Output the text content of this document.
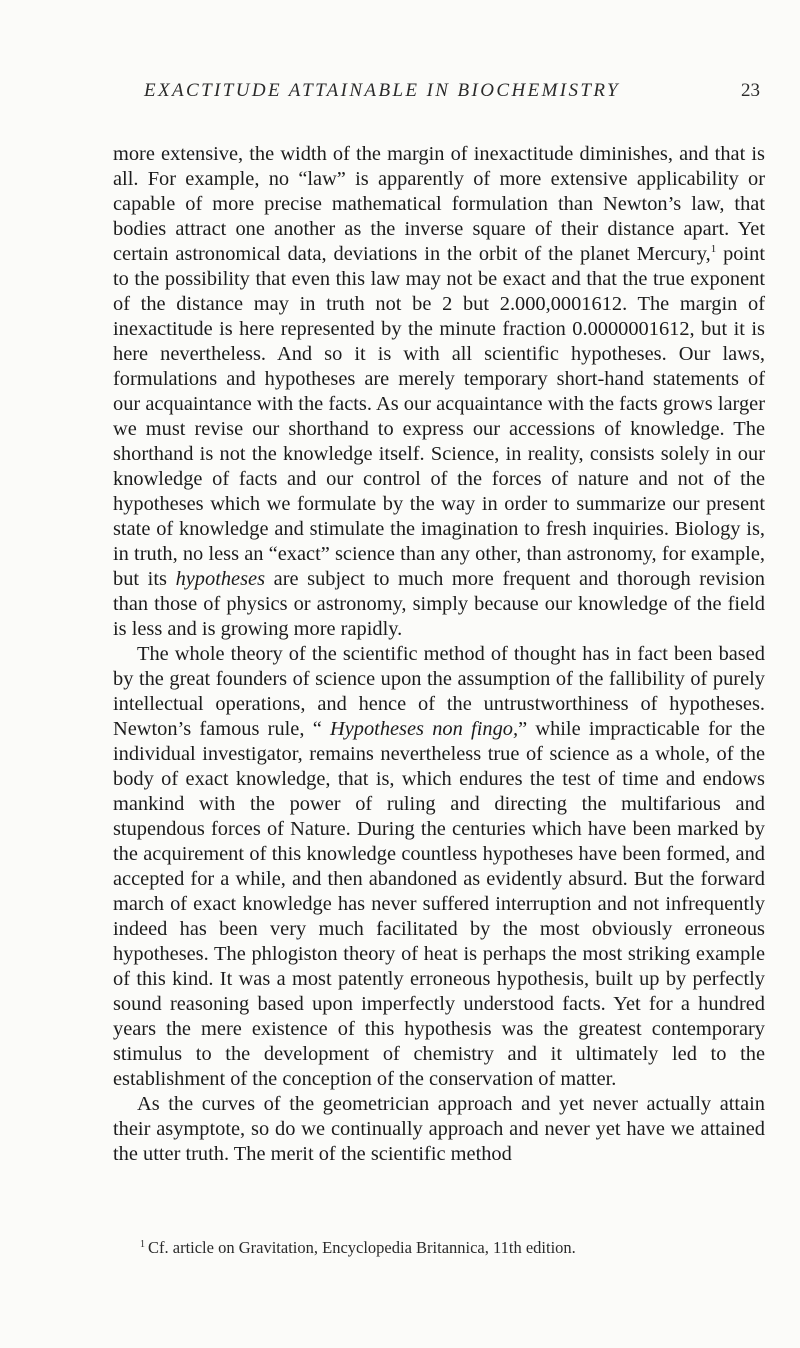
EXACTITUDE ATTAINABLE IN BIOCHEMISTRY	23

more extensive, the width of the margin of inexactitude diminishes, and that is all. For example, no “law” is apparently of more extensive applicability or capable of more precise mathematical formulation than Newton’s law, that bodies attract one another as the inverse square of their distance apart. Yet certain astronomical data, deviations in the orbit of the planet Mercury,$^1$ point to the possibility that even this law may not be exact and that the true exponent of the distance may in truth not be 2 but 2.000,0001612. The margin of inexactitude is here represented by the minute fraction 0.0000001612, but it is here nevertheless. And so it is with all scientific hypotheses. Our laws, formulations and hypotheses are merely temporary short-hand statements of our acquaintance with the facts. As our acquaintance with the facts grows larger we must revise our shorthand to express our accessions of knowledge. The shorthand is not the knowledge itself. Science, in reality, consists solely in our knowledge of facts and our control of the forces of nature and not of the hypotheses which we formulate by the way in order to summarize our present state of knowledge and stimulate the imagination to fresh inquiries. Biology is, in truth, no less an “exact” science than any other, than astronomy, for example, but its hypotheses are subject to much more frequent and thorough revision than those of physics or astronomy, simply because our knowledge of the field is less and is growing more rapidly.

The whole theory of the scientific method of thought has in fact been based by the great founders of science upon the assumption of the fallibility of purely intellectual operations, and hence of the untrustworthiness of hypotheses. Newton’s famous rule, “ Hypotheses non fingo,” while impracticable for the individual investigator, remains nevertheless true of science as a whole, of the body of exact knowledge, that is, which endures the test of time and endows mankind with the power of ruling and directing the multifarious and stupendous forces of Nature. During the centuries which have been marked by the acquirement of this knowledge countless hypotheses have been formed, and accepted for a while, and then abandoned as evidently absurd. But the forward march of exact knowledge has never suffered interruption and not infrequently indeed has been very much facilitated by the most obviously erroneous hypotheses. The phlogiston theory of heat is perhaps the most striking example of this kind. It was a most patently erroneous hypothesis, built up by perfectly sound reasoning based upon imperfectly understood facts. Yet for a hundred years the mere existence of this hypothesis was the greatest contemporary stimulus to the development of chemistry and it ultimately led to the establishment of the conception of the conservation of matter.

As the curves of the geometrician approach and yet never actually attain their asymptote, so do we continually approach and never yet have we attained the utter truth. The merit of the scientific method

$^1$ Cf. article on Gravitation, Encyclopedia Britannica, 11th edition.
